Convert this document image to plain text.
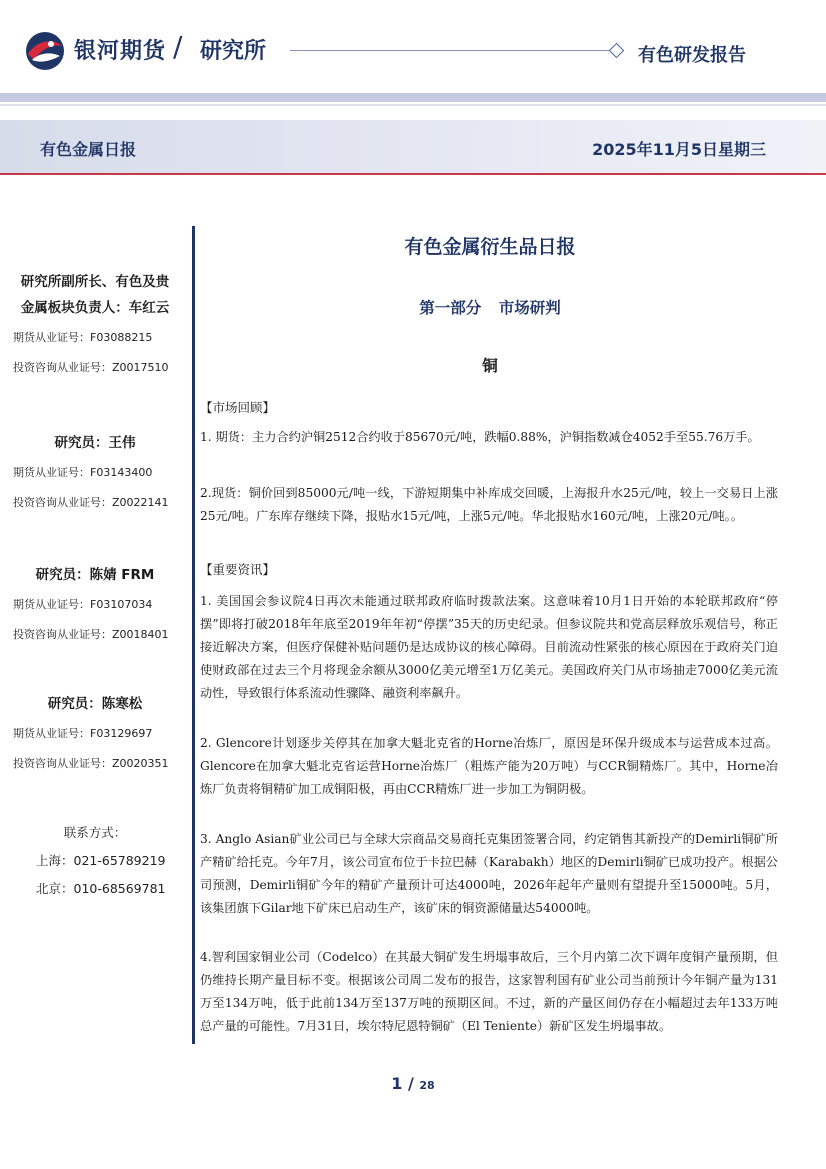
银河期货 / 研究所	有色研发报告
有色金属日报	2025年11月5日星期三
研究所副所长、有色及贵
金属板块负责人：车红云
期货从业证号：F03088215
投资咨询从业证号：Z0017510
研究员：王伟
期货从业证号：F03143400
投资咨询从业证号：Z0022141
研究员：陈婧 FRM
期货从业证号：F03107034
投资咨询从业证号：Z0018401
研究员：陈寒松
期货从业证号：F03129697
投资咨询从业证号：Z0020351
联系方式：
上海：021-65789219
北京：010-68569781
有色金属衍生品日报
第一部分 市场研判
铜
【市场回顾】

1. 期货：主力合约沪铜2512合约收于85670元/吨，跌幅0.88%，沪铜指数减仓4052手至55.76万手。

2.现货：铜价回到85000元/吨一线，下游短期集中补库成交回暖，上海报升水25元/吨，较上一交易日上涨25元/吨。广东库存继续下降，报贴水15元/吨，上涨5元/吨。华北报贴水160元/吨，上涨20元/吨。。

【重要资讯】

1. 美国国会参议院4日再次未能通过联邦政府临时拨款法案。这意味着10月1日开始的本轮联邦政府“停摆”即将打破2018年年底至2019年年初“停摆”35天的历史纪录。但参议院共和党高层释放乐观信号，称正接近解决方案，但医疗保健补贴问题仍是达成协议的核心障碍。目前流动性紧张的核心原因在于政府关门迫使财政部在过去三个月将现金余额从3000亿美元增至1万亿美元。美国政府关门从市场抽走7000亿美元流动性，导致银行体系流动性骤降、融资利率飙升。

2. Glencore计划逐步关停其在加拿大魁北克省的Horne冶炼厂，原因是环保升级成本与运营成本过高。Glencore在加拿大魁北克省运营Horne冶炼厂（粗炼产能为20万吨）与CCR铜精炼厂。其中，Horne冶炼厂负责将铜精矿加工成铜阳极，再由CCR精炼厂进一步加工为铜阴极。

3. Anglo Asian矿业公司已与全球大宗商品交易商托克集团签署合同，约定销售其新投产的Demirli铜矿所产精矿给托克。今年7月，该公司宣布位于卡拉巴赫（Karabakh）地区的Demirli铜矿已成功投产。根据公司预测，Demirli铜矿今年的精矿产量预计可达4000吨，2026年起年产量则有望提升至15000吨。5月，该集团旗下Gilar地下矿床已启动生产，该矿床的铜资源储量达54000吨。

4.智利国家铜业公司（Codelco）在其最大铜矿发生坍塌事故后，三个月内第二次下调年度铜产量预期，但仍维持长期产量目标不变。根据该公司周二发布的报告，这家智利国有矿业公司当前预计今年铜产量为131万至134万吨，低于此前134万至137万吨的预期区间。不过，新的产量区间仍存在小幅超过去年133万吨总产量的可能性。7月31日，埃尔特尼恩特铜矿（El Teniente）新矿区发生坍塌事故。

1 / 28
